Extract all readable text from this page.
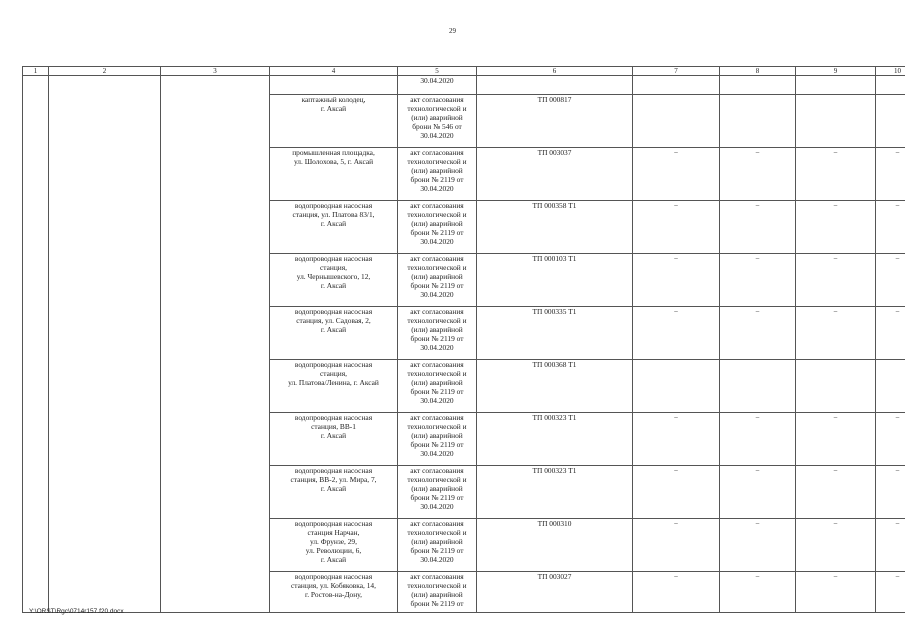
29
1	2	3	4	5	6	7	8	9	10
				30.04.2020					
			каптажный колодец,
г. Аксай	акт согласования
технологической и
(или) аварийной
брони № 546 от
30.04.2020	ТП 000817				
			промышленная площадка,
ул. Шолохова, 5, г. Аксай	акт согласования
технологической и
(или) аварийной
брони № 2119 от
30.04.2020	ТП 003037	–	–	–	–
			водопроводная насосная
станция, ул. Платова 83/1,
г. Аксай	акт согласования
технологической и
(или) аварийной
брони № 2119 от
30.04.2020	ТП 000358 Т1	–	–	–	–
			водопроводная насосная
станция,
ул. Чернышевского, 12,
г. Аксай	акт согласования
технологической и
(или) аварийной
брони № 2119 от
30.04.2020	ТП 000103 Т1	–	–	–	–
			водопроводная насосная
станция, ул. Садовая, 2,
г. Аксай	акт согласования
технологической и
(или) аварийной
брони № 2119 от
30.04.2020	ТП 000335 Т1	–	–	–	–
			водопроводная насосная
станция,
ул. Платова/Ленина, г. Аксай	акт согласования
технологической и
(или) аварийной
брони № 2119 от
30.04.2020	ТП 000368 Т1				
			водопроводная насосная
станция, ВВ-1
г. Аксай	акт согласования
технологической и
(или) аварийной
брони № 2119 от
30.04.2020	ТП 000323 Т1	–	–	–	–
			водопроводная насосная
станция, ВВ-2, ул. Мира, 7,
г. Аксай	акт согласования
технологической и
(или) аварийной
брони № 2119 от
30.04.2020	ТП 000323 Т1	–	–	–	–
			водопроводная насосная
станция Нарчан,
ул. Фрунзе, 29,
ул. Революции, 6,
г. Аксай	акт согласования
технологической и
(или) аварийной
брони № 2119 от
30.04.2020	ТП 000310	–	–	–	–
			водопроводная насосная
станция, ул. Кобяковка, 14,
г. Ростов-на-Дону,	акт согласования
технологической и
(или) аварийной
брони № 2119 от	ТП 003027	–	–	–	–
Y:\ORST\Rgc\0714r157.f20.docx
